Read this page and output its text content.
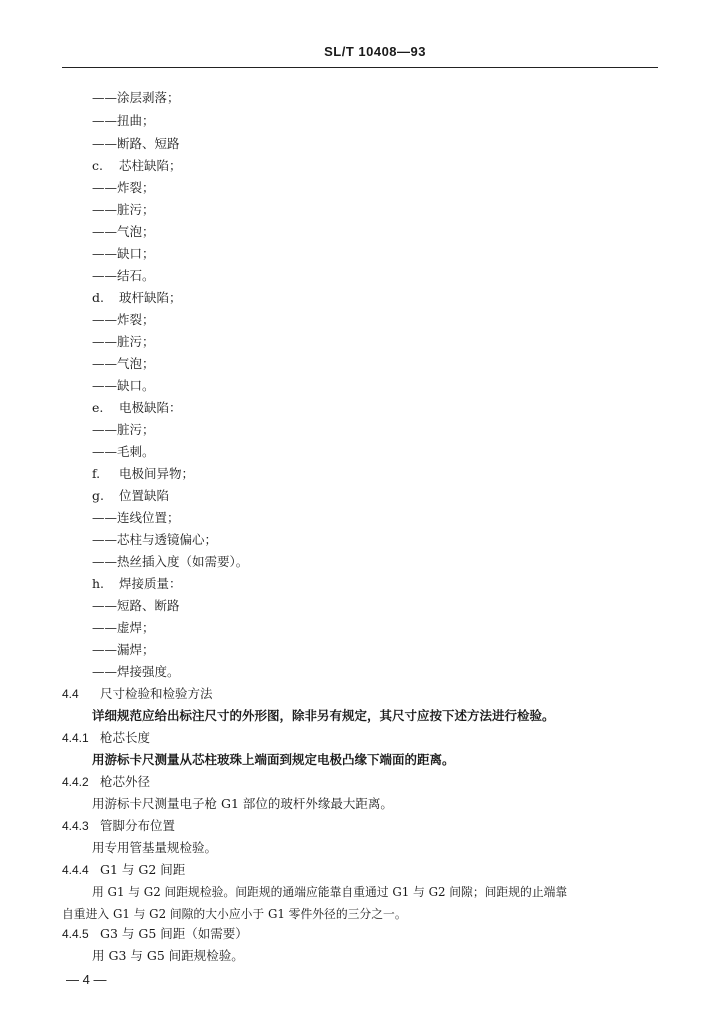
SL/T 10408—93
——涂层剥落；
——扭曲；
——断路、短路
c. 芯柱缺陷；
——炸裂；
——脏污；
——气泡；
——缺口；
——结石。
d. 玻杆缺陷；
——炸裂；
——脏污；
——气泡；
——缺口。
e. 电极缺陷：
——脏污；
——毛刺。
f. 电极间异物；
g. 位置缺陷
——连线位置；
——芯柱与透镜偏心；
——热丝插入度（如需要）。
h. 焊接质量：
——短路、断路
——虚焊；
——漏焊；
——焊接强度。
4.4 尺寸检验和检验方法
详细规范应给出标注尺寸的外形图，除非另有规定，其尺寸应按下述方法进行检验。
4.4.1 枪芯长度
用游标卡尺测量从芯柱玻珠上端面到规定电极凸缘下端面的距离。
4.4.2 枪芯外径
用游标卡尺测量电子枪 G1 部位的玻杆外缘最大距离。
4.4.3 管脚分布位置
用专用管基量规检验。
4.4.4 G1 与 G2 间距
用 G1 与 G2 间距规检验。间距规的通端应能靠自重通过 G1 与 G2 间隙；间距规的止端靠
自重进入 G1 与 G2 间隙的大小应小于 G1 零件外径的三分之一。
4.4.5 G3 与 G5 间距（如需要）
用 G3 与 G5 间距规检验。
— 4 —
